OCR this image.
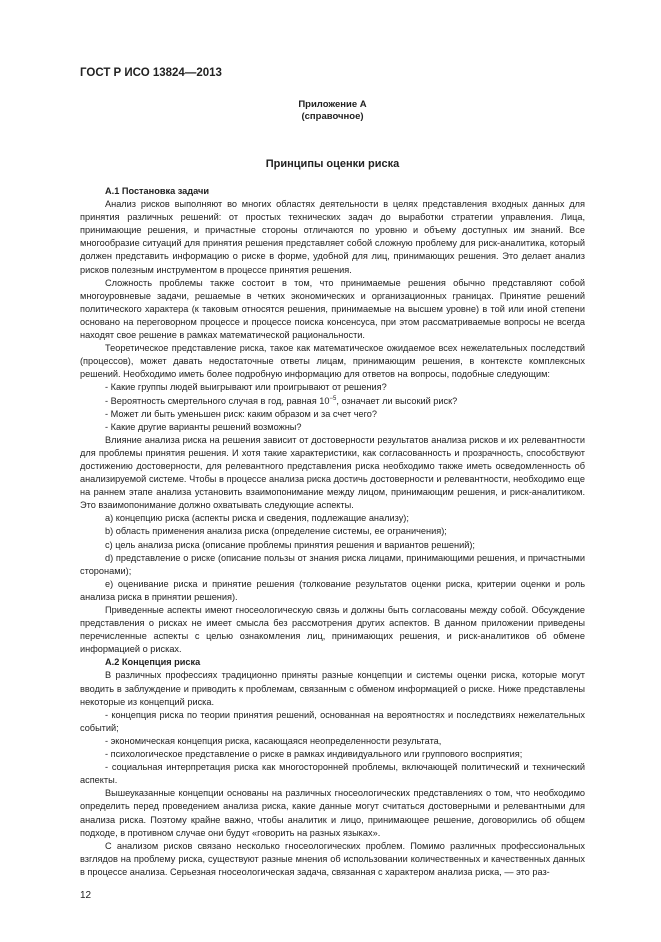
ГОСТ Р ИСО 13824—2013
Приложение А
(справочное)
Принципы оценки риска
А.1 Постановка задачи

Анализ рисков выполняют во многих областях деятельности в целях представления входных данных для принятия различных решений: от простых технических задач до выработки стратегии управления. Лица, принимающие решения, и причастные стороны отличаются по уровню и объему доступных им знаний. Все многообразие ситуаций для принятия решения представляет собой сложную проблему для риск-аналитика, который должен представить информацию о риске в форме, удобной для лиц, принимающих решения. Это делает анализ рисков полезным инструментом в процессе принятия решения.

Сложность проблемы также состоит в том, что принимаемые решения обычно представляют собой многоуровневые задачи, решаемые в четких экономических и организационных границах. Принятие решений политического характера (к таковым относятся решения, принимаемые на высшем уровне) в той или иной степени основано на переговорном процессе и процессе поиска консенсуса, при этом рассматриваемые вопросы не всегда находят свое решение в рамках математической рациональности.

Теоретическое представление риска, такое как математическое ожидаемое всех нежелательных последствий (процессов), может давать недостаточные ответы лицам, принимающим решения, в контексте комплексных решений. Необходимо иметь более подробную информацию для ответов на вопросы, подобные следующим:

- Какие группы людей выигрывают или проигрывают от решения?

- Вероятность смертельного случая в год, равная $10^{-5}$, означает ли высокий риск?

- Может ли быть уменьшен риск: каким образом и за счет чего?

- Какие другие варианты решений возможны?

Влияние анализа риска на решения зависит от достоверности результатов анализа рисков и их релевантности для проблемы принятия решения. И хотя такие характеристики, как согласованность и прозрачность, способствуют достижению достоверности, для релевантного представления риска необходимо также иметь осведомленность об анализируемой системе. Чтобы в процессе анализа риска достичь достоверности и релевантности, необходимо еще на раннем этапе анализа установить взаимопонимание между лицом, принимающим решения, и риск-аналитиком. Это взаимопонимание должно охватывать следующие аспекты.

а) концепцию риска (аспекты риска и сведения, подлежащие анализу);

b) область применения анализа риска (определение системы, ее ограничения);

c) цель анализа риска (описание проблемы принятия решения и вариантов решений);

d) представление о риске (описание пользы от знания риска лицами, принимающими решения, и причастными сторонами);

e) оценивание риска и принятие решения (толкование результатов оценки риска, критерии оценки и роль анализа риска в принятии решения).

Приведенные аспекты имеют гносеологическую связь и должны быть согласованы между собой. Обсуждение представления о рисках не имеет смысла без рассмотрения других аспектов. В данном приложении приведены перечисленные аспекты с целью ознакомления лиц, принимающих решения, и риск-аналитиков об обмене информацией о рисках.

А.2 Концепция риска

В различных профессиях традиционно приняты разные концепции и системы оценки риска, которые могут вводить в заблуждение и приводить к проблемам, связанным с обменом информацией о риске. Ниже представлены некоторые из концепций риска.

- концепция риска по теории принятия решений, основанная на вероятностях и последствиях нежелательных событий;

- экономическая концепция риска, касающаяся неопределенности результата,

- психологическое представление о риске в рамках индивидуального или группового восприятия;

- социальная интерпретация риска как многосторонней проблемы, включающей политический и технический аспекты.

Вышеуказанные концепции основаны на различных гносеологических представлениях о том, что необходимо определить перед проведением анализа риска, какие данные могут считаться достоверными и релевантными для анализа риска. Поэтому крайне важно, чтобы аналитик и лицо, принимающее решение, договорились об общем подходе, в противном случае они будут «говорить на разных языках».

С анализом рисков связано несколько гносеологических проблем. Помимо различных профессиональных взглядов на проблему риска, существуют разные мнения об использовании количественных и качественных данных в процессе анализа. Серьезная гносеологическая задача, связанная с характером анализа риска, — это раз-

12
